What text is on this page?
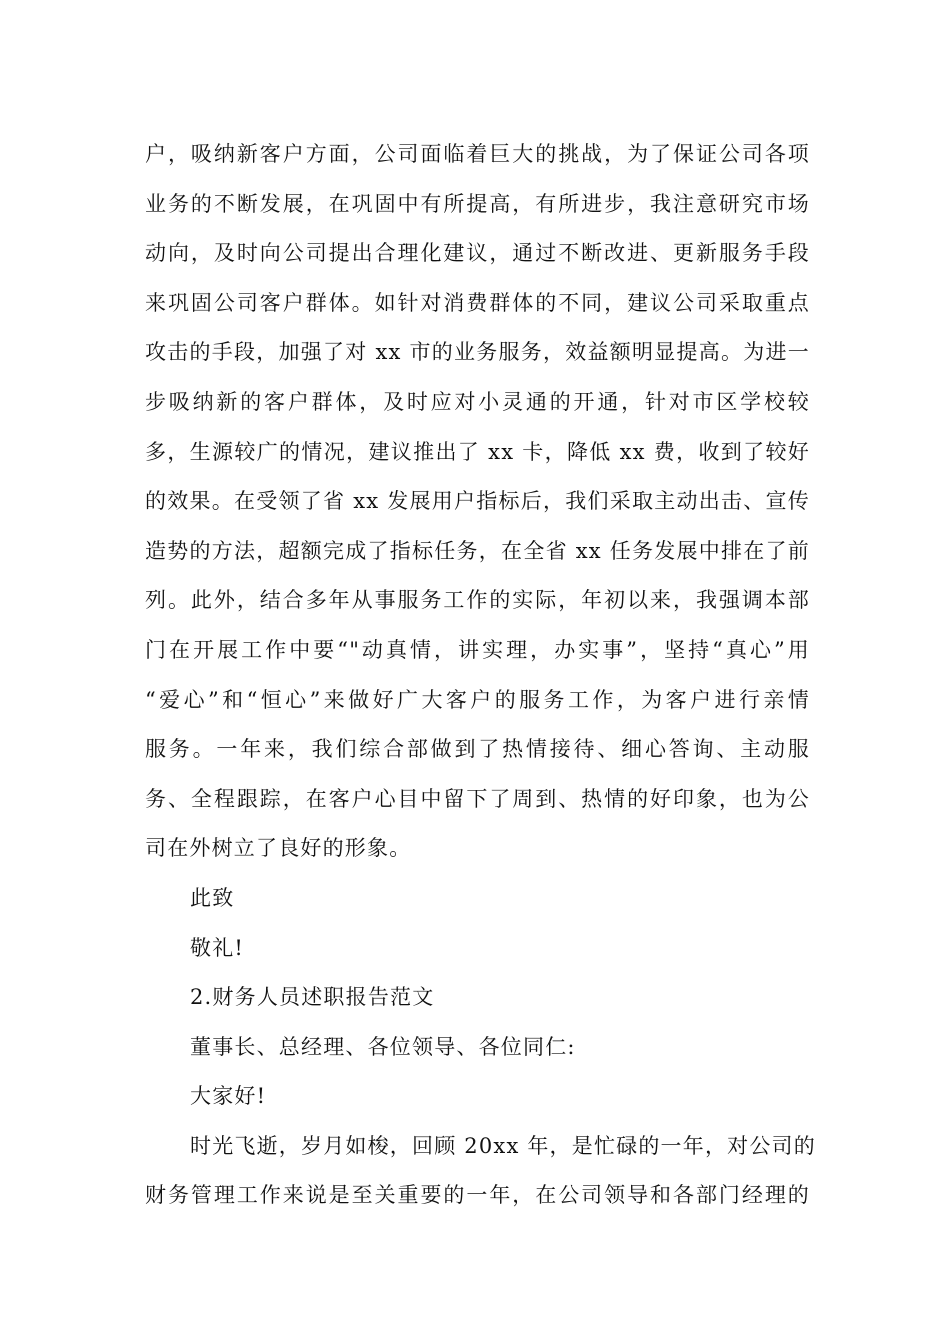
户，吸纳新客户方面，公司面临着巨大的挑战，为了保证公司各项
业务的不断发展，在巩固中有所提高，有所进步，我注意研究市场
动向，及时向公司提出合理化建议，通过不断改进、更新服务手段
来巩固公司客户群体。如针对消费群体的不同，建议公司采取重点
攻击的手段，加强了对 xx 市的业务服务，效益额明显提高。为进一
步吸纳新的客户群体，及时应对小灵通的开通，针对市区学校较
多，生源较广的情况，建议推出了 xx 卡，降低 xx 费，收到了较好
的效果。在受领了省 xx 发展用户指标后，我们采取主动出击、宣传
造势的方法，超额完成了指标任务，在全省 xx 任务发展中排在了前
列。此外，结合多年从事服务工作的实际，年初以来，我强调本部
门在开展工作中要“"动真情，讲实理，办实事”，坚持“真心”用
“爱心”和“恒心”来做好广大客户的服务工作，为客户进行亲情
服务。一年来，我们综合部做到了热情接待、细心答询、主动服
务、全程跟踪，在客户心目中留下了周到、热情的好印象，也为公
司在外树立了良好的形象。
此致
敬礼!
2.财务人员述职报告范文
董事长、总经理、各位领导、各位同仁:
大家好!
时光飞逝，岁月如梭，回顾 20xx 年，是忙碌的一年，对公司的
财务管理工作来说是至关重要的一年，在公司领导和各部门经理的
